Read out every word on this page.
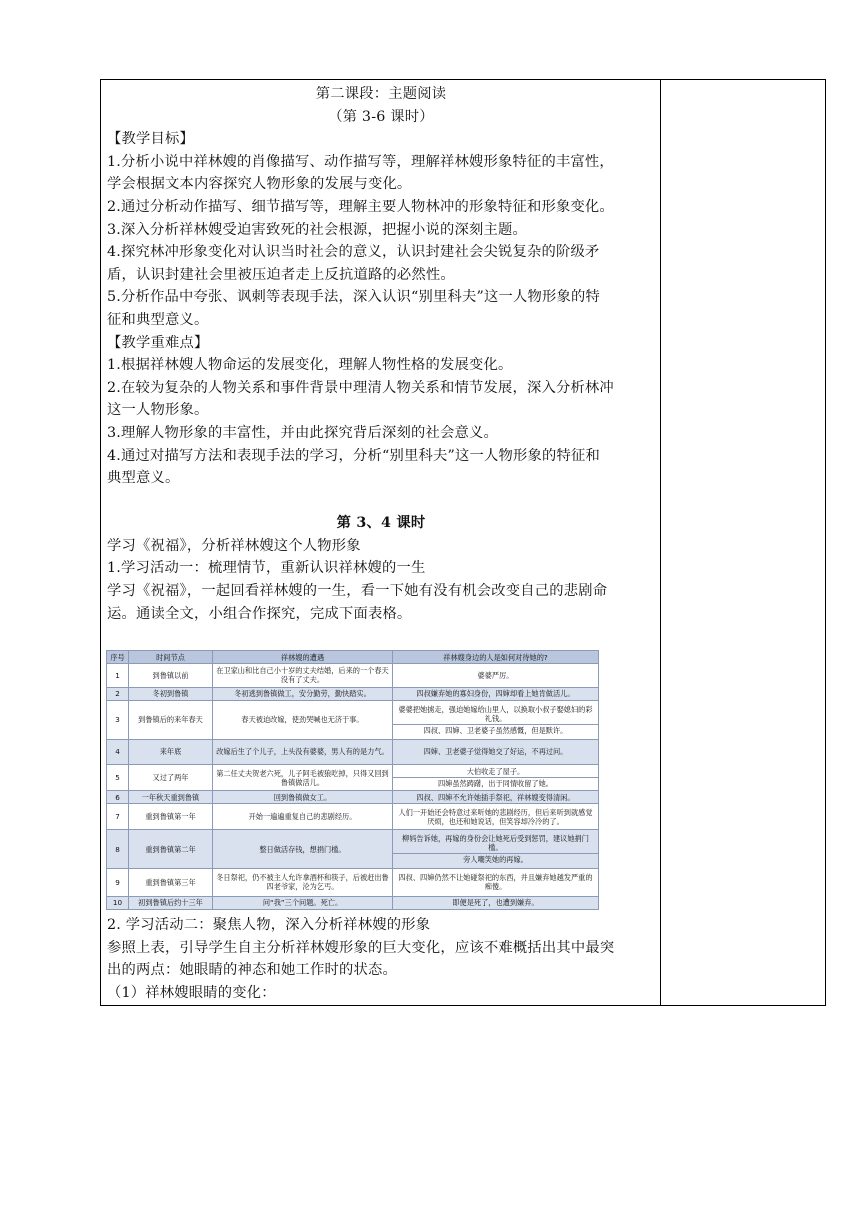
第二课段：主题阅读
（第 3-6 课时）
【教学目标】
1.分析小说中祥林嫂的肖像描写、动作描写等，理解祥林嫂形象特征的丰富性，
学会根据文本内容探究人物形象的发展与变化。
2.通过分析动作描写、细节描写等，理解主要人物林冲的形象特征和形象变化。
3.深入分析祥林嫂受迫害致死的社会根源，把握小说的深刻主题。
4.探究林冲形象变化对认识当时社会的意义，认识封建社会尖锐复杂的阶级矛
盾，认识封建社会里被压迫者走上反抗道路的必然性。
5.分析作品中夸张、讽刺等表现手法，深入认识“别里科夫”这一人物形象的特
征和典型意义。
【教学重难点】
1.根据祥林嫂人物命运的发展变化，理解人物性格的发展变化。
2.在较为复杂的人物关系和事件背景中理清人物关系和情节发展，深入分析林冲
这一人物形象。
3.理解人物形象的丰富性，并由此探究背后深刻的社会意义。
4.通过对描写方法和表现手法的学习，分析“别里科夫”这一人物形象的特征和
典型意义。
第 3、4 课时
学习《祝福》，分析祥林嫂这个人物形象
1.学习活动一：梳理情节，重新认识祥林嫂的一生
学习《祝福》，一起回看祥林嫂的一生，看一下她有没有机会改变自己的悲剧命
运。通读全文，小组合作探究，完成下面表格。
序号	时间节点	祥林嫂的遭遇	祥林嫂身边的人是如何对待她的?
1	到鲁镇以前	在卫家山和比自己小十岁的丈夫结婚，后来的一个春天没有了丈夫。	婆婆严厉。
2	冬初到鲁镇	冬初逃到鲁镇做工，安分勤劳，勤快踏实。	四叔嫌弃她的寡妇身份，四婶却看上她肯做活儿。
3	到鲁镇后的来年春天	春天被迫改嫁，使劲哭喊也无济于事。	婆婆把她掳走，强迫她嫁给山里人，以换取小叔子娶媳妇的彩礼钱。
四叔、四婶、卫老婆子虽然感慨，但是默许。

4	来年底	改嫁后生了个儿子，上头没有婆婆，男人有的是力气。	四婶、卫老婆子觉得她交了好运，不再过问。
5	又过了两年	第二任丈夫贺老六死，儿子阿毛被狼吃掉，只得又回到鲁镇做活儿。	大伯收走了屋子。
四婶虽然踌躇，出于同情收留了她。

6	一年秋天重到鲁镇	回到鲁镇做女工。	四叔、四婶不允许她插手祭祀，祥林嫂变得清闲。
7	重到鲁镇第一年	开始一遍遍重复自己的悲剧经历。	人们一开始还会特意过来听她的悲剧经历，但后来听到就感觉厌烦，也还和她说话，但笑容却冷冷的了。
8	重到鲁镇第二年	整日做活存钱，想捐门槛。	柳妈告诉她，再嫁的身份会让她死后受到惩罚，建议她捐门槛。
旁人嘲笑她的再嫁。

9	重到鲁镇第三年	冬日祭祀，仍不被主人允许拿酒杯和筷子，后被赶出鲁四老爷家，沦为乞丐。	四叔、四婶仍然不让她碰祭祀的东西，并且嫌弃她越发严重的痴傻。
10	初到鲁镇后约十三年	问“我”三个问题。死亡。	即便是死了，也遭到嫌弃。
2. 学习活动二：聚焦人物，深入分析祥林嫂的形象
参照上表，引导学生自主分析祥林嫂形象的巨大变化，应该不难概括出其中最突
出的两点：她眼睛的神态和她工作时的状态。
（1）祥林嫂眼睛的变化：
